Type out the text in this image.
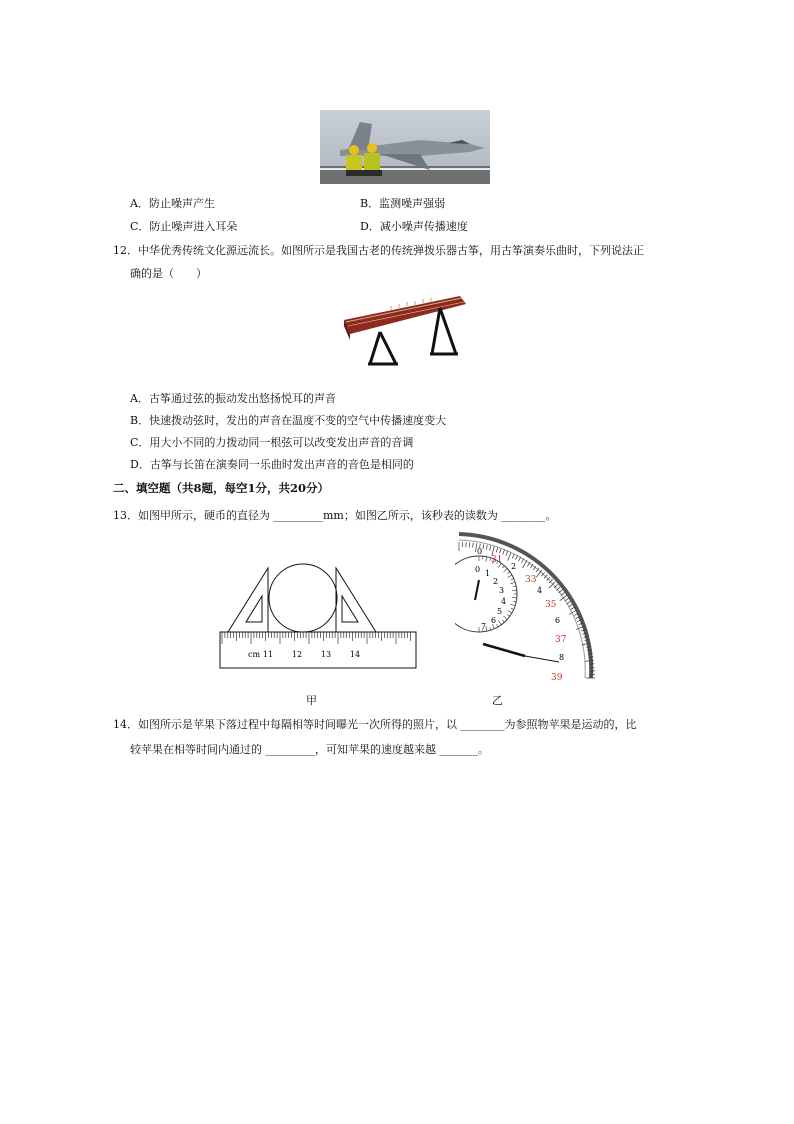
A．防止噪声产生	B．监测噪声强弱
C．防止噪声进入耳朵	D．减小噪声传播速度
12．中华优秀传统文化源远流长。如图所示是我国古老的传统弹拨乐器古筝，用古筝演奏乐曲时，下列说法正
确的是（　　）
A．古筝通过弦的振动发出悠扬悦耳的声音
B．快速拨动弦时，发出的声音在温度不变的空气中传播速度变大
C．用大小不同的力拨动同一根弦可以改变发出声音的音调
D．古筝与长笛在演奏同一乐曲时发出声音的音色是相同的
二、填空题（共8题，每空1分，共20分）
13．如图甲所示，硬币的直径为 _________mm；如图乙所示，该秒表的读数为 ________。
cm 11 12 13 14
0 1
2
3
4
5
6
7
0
2
4
6
8
31
33
35
37
39
甲	乙
14．如图所示是苹果下落过程中每隔相等时间曝光一次所得的照片，以 ________为参照物苹果是运动的，比
较苹果在相等时间内通过的 _________，可知苹果的速度越来越 _______。
